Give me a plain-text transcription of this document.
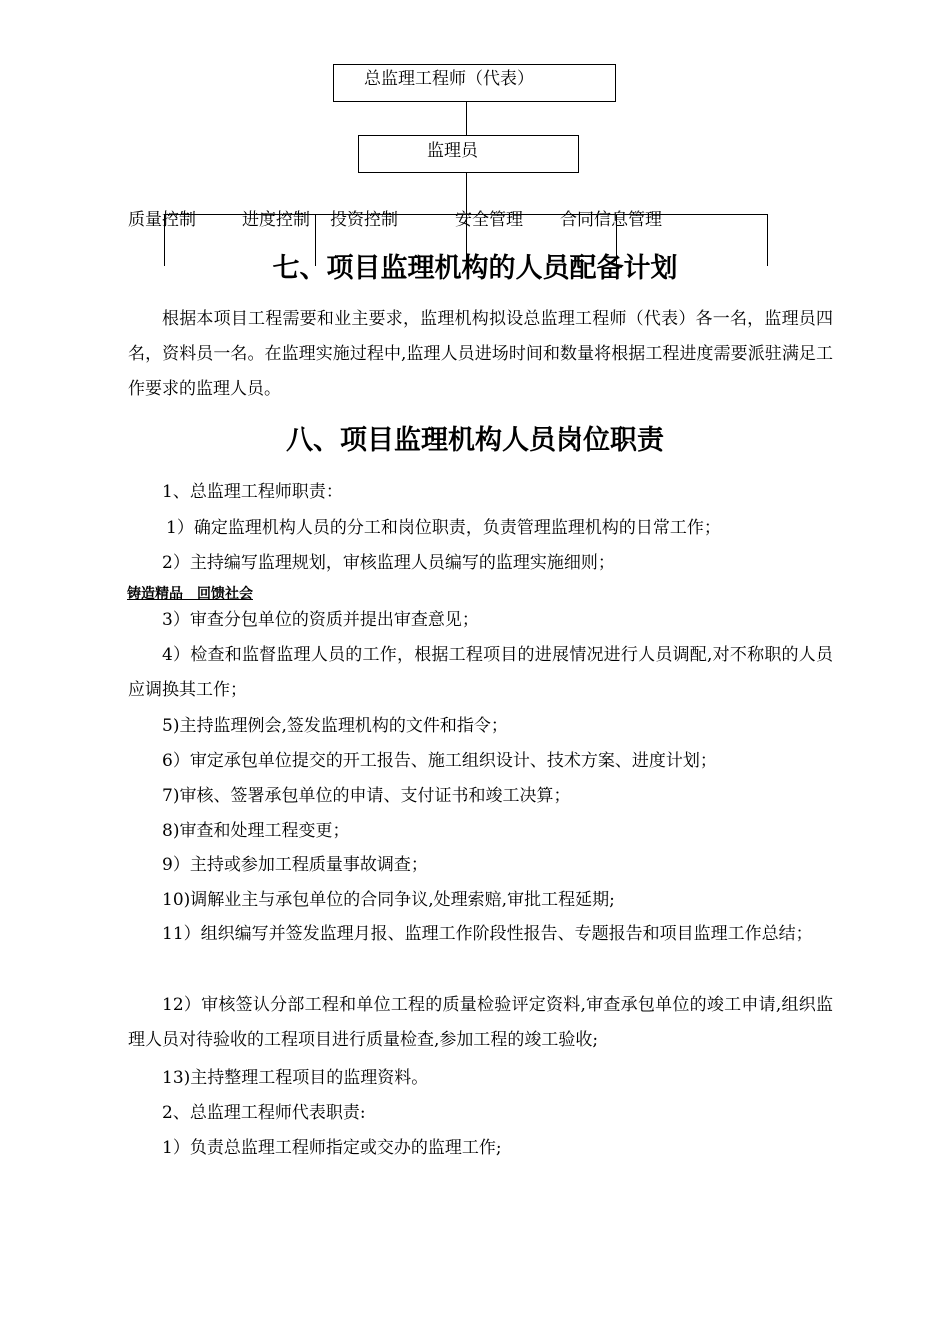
总监理工程师（代表）
监理员
质量控制	进度控制 投资控制	安全管理 合同信息管理
七、项目监理机构的人员配备计划
根据本项目工程需要和业主要求，监理机构拟设总监理工程师（代表）各一名，监理员四名，资料员一名。在监理实施过程中,监理人员进场时间和数量将根据工程进度需要派驻满足工作要求的监理人员。
八、项目监理机构人员岗位职责
1、总监理工程师职责：
1）确定监理机构人员的分工和岗位职责，负责管理监理机构的日常工作；
2）主持编写监理规划，审核监理人员编写的监理实施细则；
铸造精品　回馈社会
3）审查分包单位的资质并提出审查意见；
4）检查和监督监理人员的工作，根据工程项目的进展情况进行人员调配,对不称职的人员应调换其工作；
5)主持监理例会,签发监理机构的文件和指令；
6）审定承包单位提交的开工报告、施工组织设计、技术方案、进度计划；
7)审核、签署承包单位的申请、支付证书和竣工决算；
8)审查和处理工程变更；
9）主持或参加工程质量事故调查；
10)调解业主与承包单位的合同争议,处理索赔,审批工程延期;
11）组织编写并签发监理月报、监理工作阶段性报告、专题报告和项目监理工作总结；
12）审核签认分部工程和单位工程的质量检验评定资料,审查承包单位的竣工申请,组织监理人员对待验收的工程项目进行质量检查,参加工程的竣工验收;
13)主持整理工程项目的监理资料。
2、总监理工程师代表职责:
1）负责总监理工程师指定或交办的监理工作;
